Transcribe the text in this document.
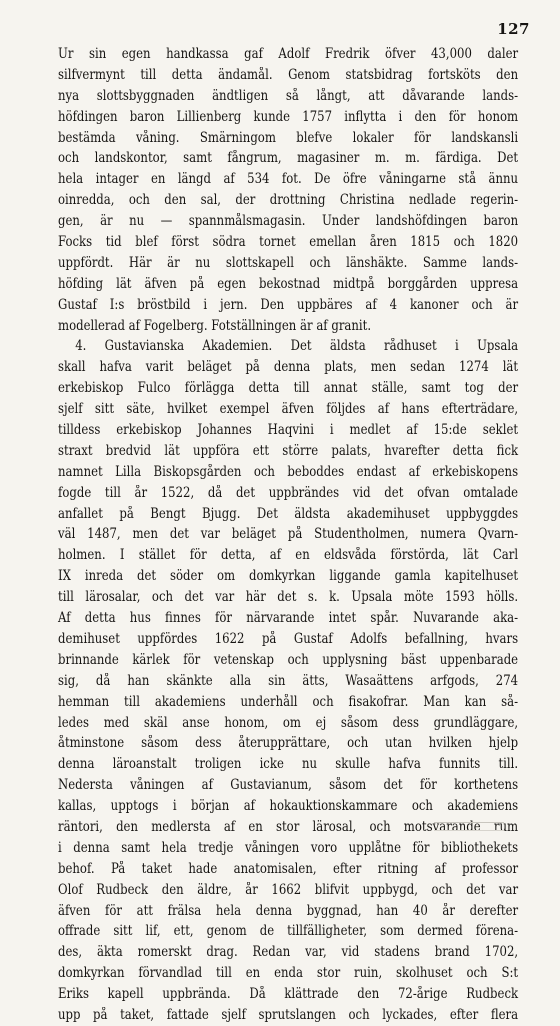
127
Ur sin egen handkassa gaf Adolf Fredrik öfver 43,000 daler
silfvermynt till detta ändamål. Genom statsbidrag fortsköts den
nya slottsbyggnaden ändtligen så långt, att dåvarande lands-
höfdingen baron Lillienberg kunde 1757 inflytta i den för honom
bestämda våning. Smärningom blefve lokaler för landskansli
och landskontor, samt fångrum, magasiner m. m. färdiga. Det
hela intager en längd af 534 fot. De öfre våningarne stå ännu
oinredda, och den sal, der drottning Christina nedlade regerin-
gen, är nu — spannmålsmagasin. Under landshöfdingen baron
Focks tid blef först södra tornet emellan åren 1815 och 1820
uppfördt. Här är nu slottskapell och länshäkte. Samme lands-
höfding lät äfven på egen bekostnad midtpå borggården uppresa
Gustaf I:s bröstbild i jern. Den uppbäres af 4 kanoner och är
modellerad af Fogelberg. Fotställningen är af granit.
4. Gustavianska Akademien. Det äldsta rådhuset i Upsala
skall hafva varit beläget på denna plats, men sedan 1274 lät
erkebiskop Fulco förlägga detta till annat ställe, samt tog der
sjelf sitt säte, hvilket exempel äfven följdes af hans efterträdare,
tilldess erkebiskop Johannes Haqvini i medlet af 15:de seklet
straxt bredvid lät uppföra ett större palats, hvarefter detta fick
namnet Lilla Biskopsgården och beboddes endast af erkebiskopens
fogde till år 1522, då det uppbrändes vid det ofvan omtalade
anfallet på Bengt Bjugg. Det äldsta akademihuset uppbyggdes
väl 1487, men det var beläget på Studentholmen, numera Qvarn-
holmen. I stället för detta, af en eldsvåda förstörda, lät Carl
IX inreda det söder om domkyrkan liggande gamla kapitelhuset
till lärosalar, och det var här det s. k. Upsala möte 1593 hölls.
Af detta hus finnes för närvarande intet spår. Nuvarande aka-
demihuset uppfördes 1622 på Gustaf Adolfs befallning, hvars
brinnande kärlek för vetenskap och upplysning bäst uppenbarade
sig, då han skänkte alla sin ätts, Wasaättens arfgods, 274
hemman till akademiens underhåll och fisakofrar. Man kan så-
ledes med skäl anse honom, om ej såsom dess grundläggare,
åtminstone såsom dess återupprättare, och utan hvilken hjelp
denna läroanstalt troligen icke nu skulle hafva funnits till.
Nedersta våningen af Gustavianum, såsom det för korthetens
kallas, upptogs i början af hokauktionskammare och akademiens
räntori, den medlersta af en stor lärosal, och motsvarande rum
i denna samt hela tredje våningen voro upplåtne för bibliothekets
behof. På taket hade anatomisalen, efter ritning af professor
Olof Rudbeck den äldre, år 1662 blifvit uppbygd, och det var
äfven för att frälsa hela denna byggnad, han 40 år derefter
offrade sitt lif, ett, genom de tillfälligheter, som dermed förena-
des, äkta romerskt drag. Redan var, vid stadens brand 1702,
domkyrkan förvandlad till en enda stor ruin, skolhuset och S:t
Eriks kapell uppbrända. Då klättrade den 72-årige Rudbeck
upp på taket, fattade sjelf sprutslangen och lyckades, efter flera
